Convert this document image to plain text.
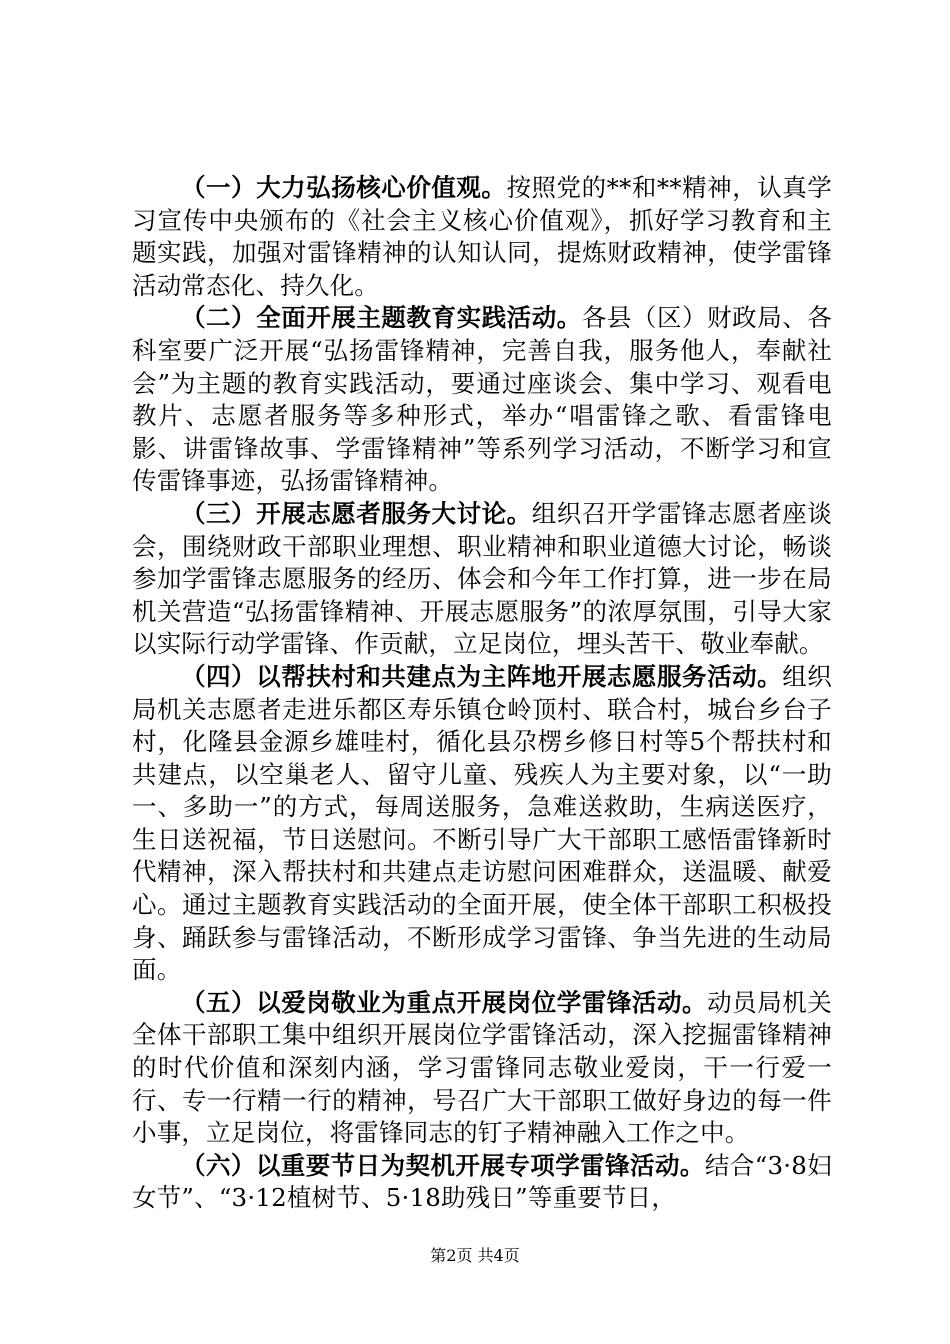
（一）大力弘扬核心价值观。按照党的**和**精神，认真学习宣传中央颁布的《社会主义核心价值观》，抓好学习教育和主题实践，加强对雷锋精神的认知认同，提炼财政精神，使学雷锋活动常态化、持久化。

（二）全面开展主题教育实践活动。各县（区）财政局、各科室要广泛开展“弘扬雷锋精神，完善自我，服务他人，奉献社会”为主题的教育实践活动，要通过座谈会、集中学习、观看电教片、志愿者服务等多种形式，举办“唱雷锋之歌、看雷锋电影、讲雷锋故事、学雷锋精神”等系列学习活动，不断学习和宣传雷锋事迹，弘扬雷锋精神。

（三）开展志愿者服务大讨论。组织召开学雷锋志愿者座谈会，围绕财政干部职业理想、职业精神和职业道德大讨论，畅谈参加学雷锋志愿服务的经历、体会和今年工作打算，进一步在局机关营造“弘扬雷锋精神、开展志愿服务”的浓厚氛围，引导大家以实际行动学雷锋、作贡献，立足岗位，埋头苦干、敬业奉献。

（四）以帮扶村和共建点为主阵地开展志愿服务活动。组织局机关志愿者走进乐都区寿乐镇仓岭顶村、联合村，城台乡台子村，化隆县金源乡雄哇村，循化县尕楞乡修日村等5个帮扶村和共建点，以空巢老人、留守儿童、残疾人为主要对象，以“一助一、多助一”的方式，每周送服务，急难送救助，生病送医疗，生日送祝福，节日送慰问。不断引导广大干部职工感悟雷锋新时代精神，深入帮扶村和共建点走访慰问困难群众，送温暖、献爱心。通过主题教育实践活动的全面开展，使全体干部职工积极投身、踊跃参与雷锋活动，不断形成学习雷锋、争当先进的生动局面。

（五）以爱岗敬业为重点开展岗位学雷锋活动。动员局机关全体干部职工集中组织开展岗位学雷锋活动，深入挖掘雷锋精神的时代价值和深刻内涵，学习雷锋同志敬业爱岗，干一行爱一行、专一行精一行的精神，号召广大干部职工做好身边的每一件小事，立足岗位，将雷锋同志的钉子精神融入工作之中。

（六）以重要节日为契机开展专项学雷锋活动。结合“3·8妇女节”、“3·12植树节、5·18助残日”等重要节日，

第2页 共4页
